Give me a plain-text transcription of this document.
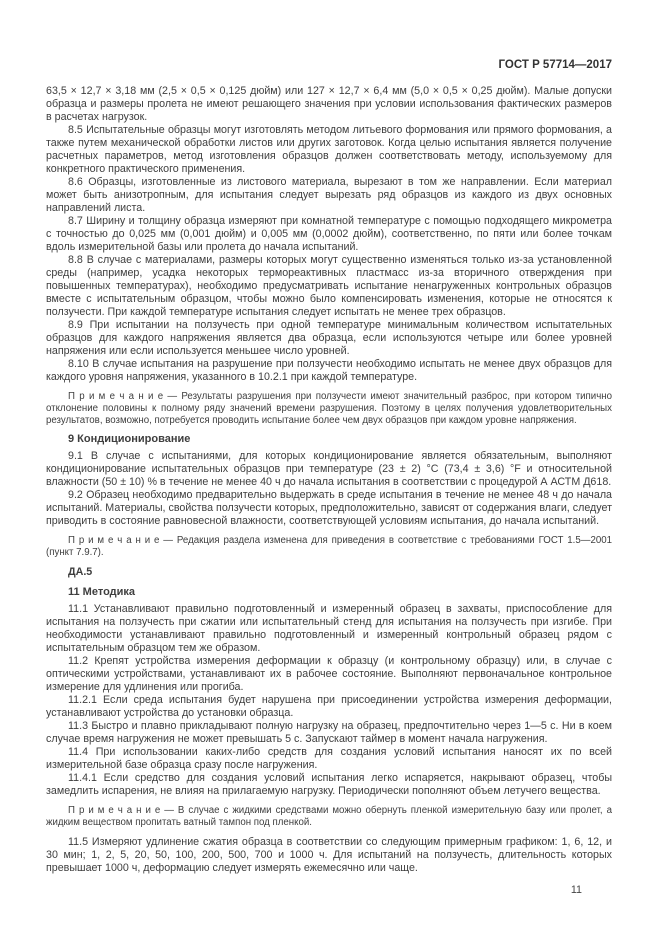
ГОСТ Р 57714—2017
63,5 × 12,7 × 3,18 мм (2,5 × 0,5 × 0,125 дюйм) или 127 × 12,7 × 6,4 мм (5,0 × 0,5 × 0,25 дюйм). Малые допуски образца и размеры пролета не имеют решающего значения при условии использования фактических размеров в расчетах нагрузок.
8.5 Испытательные образцы могут изготовлять методом литьевого формования или прямого формования, а также путем механической обработки листов или других заготовок. Когда целью испытания является получение расчетных параметров, метод изготовления образцов должен соответствовать методу, используемому для конкретного практического применения.
8.6 Образцы, изготовленные из листового материала, вырезают в том же направлении. Если материал может быть анизотропным, для испытания следует вырезать ряд образцов из каждого из двух основных направлений листа.
8.7 Ширину и толщину образца измеряют при комнатной температуре с помощью подходящего микрометра с точностью до 0,025 мм (0,001 дюйм) и 0,005 мм (0,0002 дюйм), соответственно, по пяти или более точкам вдоль измерительной базы или пролета до начала испытаний.
8.8 В случае с материалами, размеры которых могут существенно изменяться только из-за установленной среды (например, усадка некоторых термореактивных пластмасс из-за вторичного отверждения при повышенных температурах), необходимо предусматривать испытание ненагруженных контрольных образцов вместе с испытательным образцом, чтобы можно было компенсировать изменения, которые не относятся к ползучести. При каждой температуре испытания следует испытать не менее трех образцов.
8.9 При испытании на ползучесть при одной температуре минимальным количеством испытательных образцов для каждого напряжения является два образца, если используются четыре или более уровней напряжения или если используется меньшее число уровней.
8.10 В случае испытания на разрушение при ползучести необходимо испытать не менее двух образцов для каждого уровня напряжения, указанного в 10.2.1 при каждой температуре.
П р и м е ч а н и е — Результаты разрушения при ползучести имеют значительный разброс, при котором типично отклонение половины к полному ряду значений времени разрушения. Поэтому в целях получения удовлетворительных результатов, возможно, потребуется проводить испытание более чем двух образцов при каждом уровне напряжения.
9 Кондиционирование
9.1 В случае с испытаниями, для которых кондиционирование является обязательным, выполняют кондиционирование испытательных образцов при температуре (23 ± 2) °С (73,4 ± 3,6) °F и относительной влажности (50 ± 10) % в течение не менее 40 ч до начала испытания в соответствии с процедурой А АСТМ Д618.
9.2 Образец необходимо предварительно выдержать в среде испытания в течение не менее 48 ч до начала испытаний. Материалы, свойства ползучести которых, предположительно, зависят от содержания влаги, следует приводить в состояние равновесной влажности, соответствующей условиям испытания, до начала испытаний.
П р и м е ч а н и е — Редакция раздела изменена для приведения в соответствие с требованиями ГОСТ 1.5—2001 (пункт 7.9.7).
ДА.5
11 Методика
11.1 Устанавливают правильно подготовленный и измеренный образец в захваты, приспособление для испытания на ползучесть при сжатии или испытательный стенд для испытания на ползучесть при изгибе. При необходимости устанавливают правильно подготовленный и измеренный контрольный образец рядом с испытательным образцом тем же образом.
11.2 Крепят устройства измерения деформации к образцу (и контрольному образцу) или, в случае с оптическими устройствами, устанавливают их в рабочее состояние. Выполняют первоначальное контрольное измерение для удлинения или прогиба.
11.2.1 Если среда испытания будет нарушена при присоединении устройства измерения деформации, устанавливают устройства до установки образца.
11.3 Быстро и плавно прикладывают полную нагрузку на образец, предпочтительно через 1—5 с. Ни в коем случае время нагружения не может превышать 5 с. Запускают таймер в момент начала нагружения.
11.4 При использовании каких-либо средств для создания условий испытания наносят их по всей измерительной базе образца сразу после нагружения.
11.4.1 Если средство для создания условий испытания легко испаряется, накрывают образец, чтобы замедлить испарения, не влияя на прилагаемую нагрузку. Периодически пополняют объем летучего вещества.
П р и м е ч а н и е — В случае с жидкими средствами можно обернуть пленкой измерительную базу или пролет, а жидким веществом пропитать ватный тампон под пленкой.
11.5 Измеряют удлинение сжатия образца в соответствии со следующим примерным графиком: 1, 6, 12, и 30 мин; 1, 2, 5, 20, 50, 100, 200, 500, 700 и 1000 ч. Для испытаний на ползучесть, длительность которых превышает 1000 ч, деформацию следует измерять ежемесячно или чаще.
11
